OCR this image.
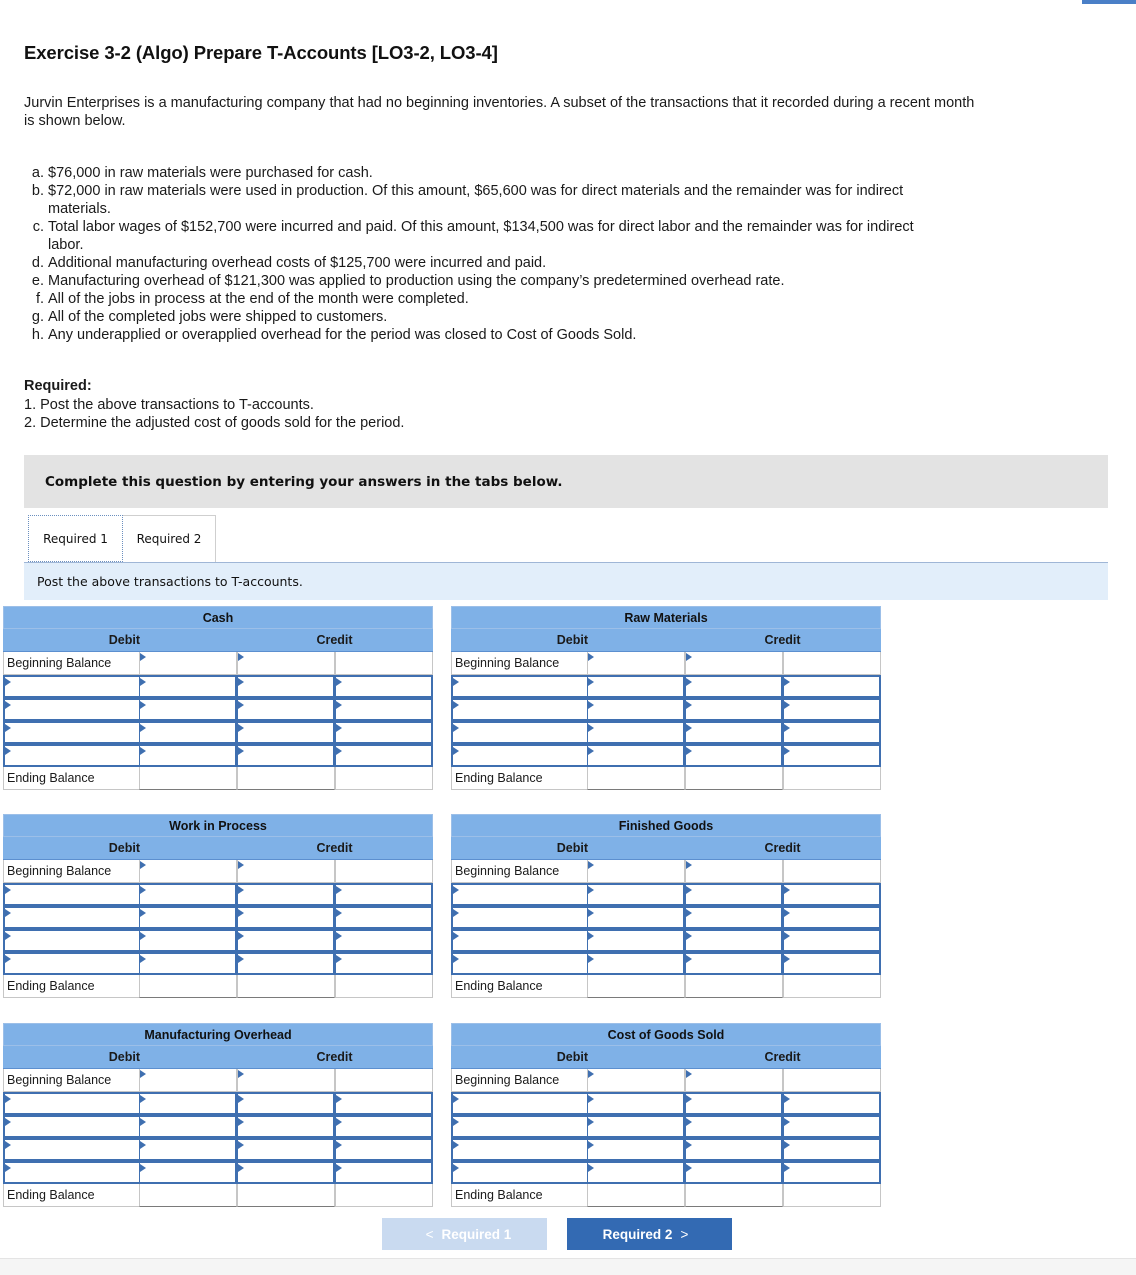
Exercise 3-2 (Algo) Prepare T-Accounts [LO3-2, LO3-4]

Jurvin Enterprises is a manufacturing company that had no beginning inventories. A subset of the transactions that it recorded during a recent month is shown below.

a. $76,000 in raw materials were purchased for cash.
b. $72,000 in raw materials were used in production. Of this amount, $65,600 was for direct materials and the remainder was for indirect materials.
c. Total labor wages of $152,700 were incurred and paid. Of this amount, $134,500 was for direct labor and the remainder was for indirect labor.
d. Additional manufacturing overhead costs of $125,700 were incurred and paid.
e. Manufacturing overhead of $121,300 was applied to production using the company’s predetermined overhead rate.
f. All of the jobs in process at the end of the month were completed.
g. All of the completed jobs were shipped to customers.
h. Any underapplied or overapplied overhead for the period was closed to Cost of Goods Sold.

Required:

1. Post the above transactions to T-accounts.
2. Determine the adjusted cost of goods sold for the period.
Complete this question by entering your answers in the tabs below.
Required 1	Required 2
Post the above transactions to T-accounts.
Cash
Debit	Credit
Beginning Balance
Ending Balance
Raw Materials
Debit	Credit
Beginning Balance
Ending Balance
Work in Process
Debit	Credit
Beginning Balance
Ending Balance
Finished Goods
Debit	Credit
Beginning Balance
Ending Balance
Manufacturing Overhead
Debit	Credit
Beginning Balance
Ending Balance
Cost of Goods Sold
Debit	Credit
Beginning Balance
Ending Balance
< Required 1	Required 2 >
